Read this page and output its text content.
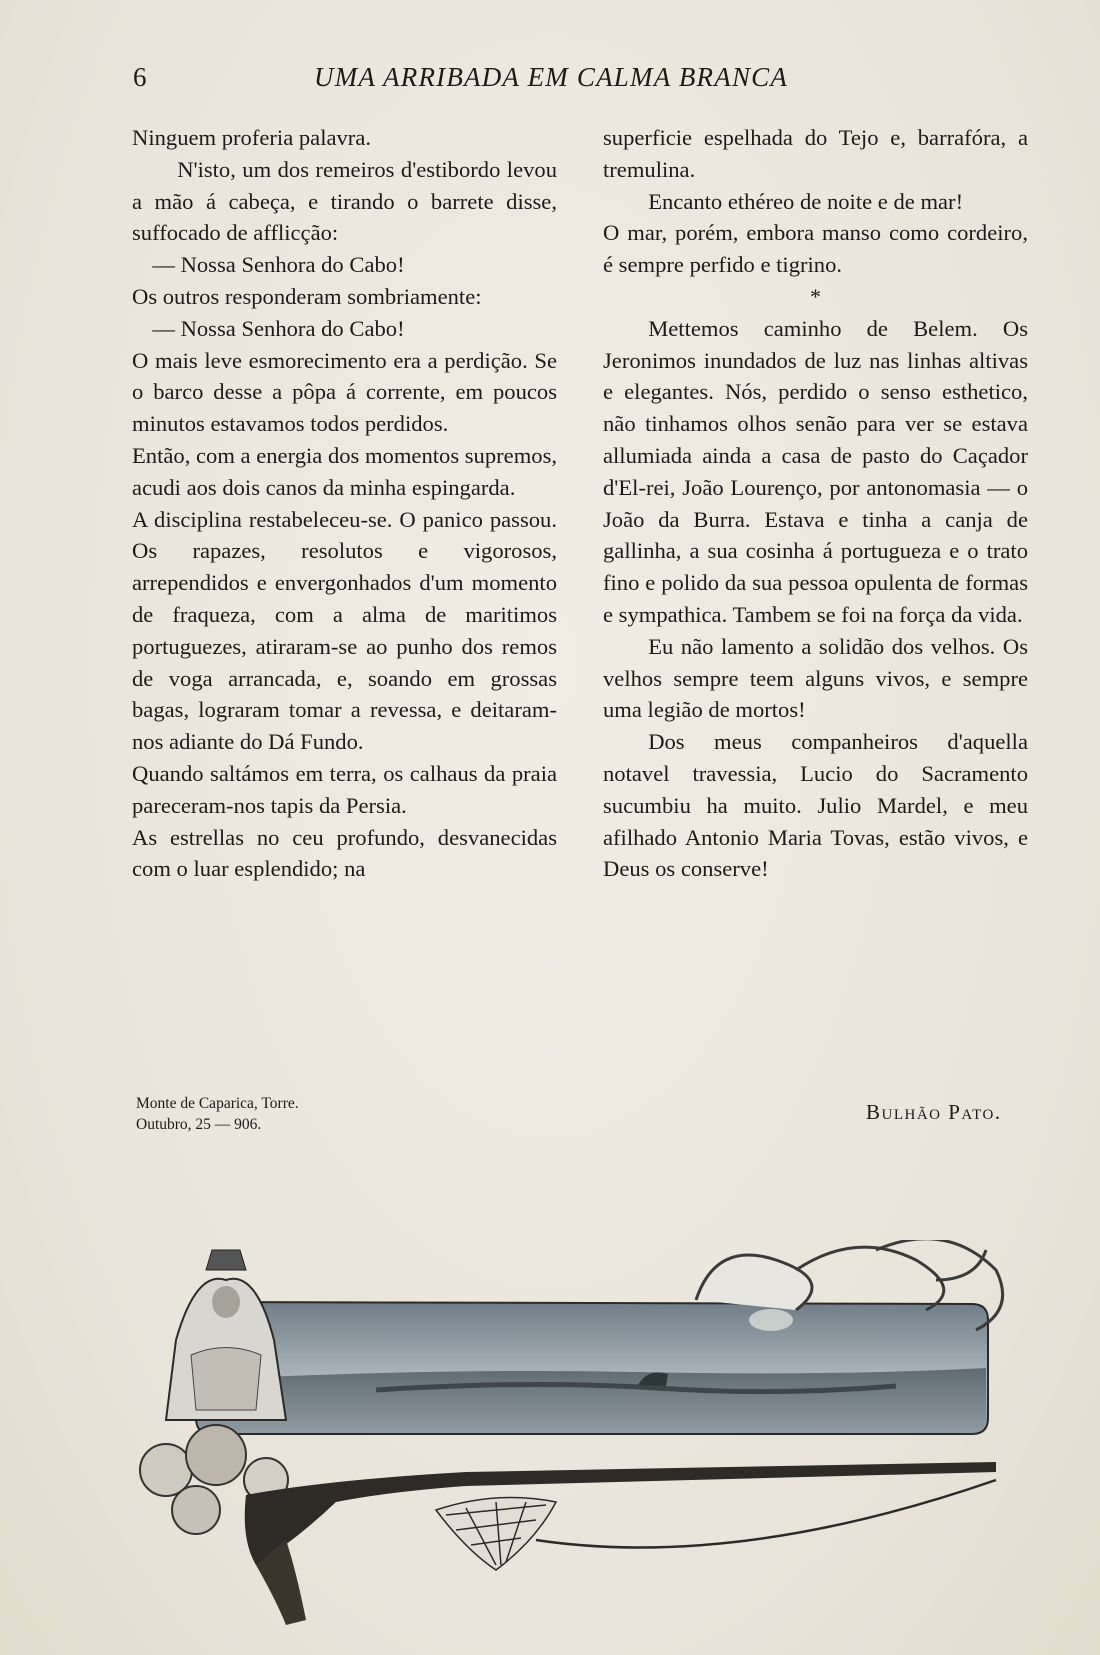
6	UMA ARRIBADA EM CALMA BRANCA

Ninguem proferia palavra.

N'isto, um dos remeiros d'estibordo levou a mão á cabeça, e tirando o barrete disse, suffocado de afflicção:

— Nossa Senhora do Cabo!

Os outros responderam sombriamente:

— Nossa Senhora do Cabo!

O mais leve esmorecimento era a perdição. Se o barco desse a pôpa á corrente, em poucos minutos estavamos todos perdidos.

Então, com a energia dos momentos supremos, acudi aos dois canos da minha espingarda.

A disciplina restabeleceu-se. O panico passou. Os rapazes, resolutos e vigorosos, arrependidos e envergonhados d'um momento de fraqueza, com a alma de maritimos portuguezes, atiraram-se ao punho dos remos de voga arrancada, e, soando em grossas bagas, lograram tomar a revessa, e deitaram-nos adiante do Dá Fundo.

Quando saltámos em terra, os calhaus da praia pareceram-nos tapis da Persia.

As estrellas no ceu profundo, desvanecidas com o luar esplendido; na

superficie espelhada do Tejo e, barrafóra, a tremulina.

Encanto ethéreo de noite e de mar!

O mar, porém, embora manso como cordeiro, é sempre perfido e tigrino.

*

Mettemos caminho de Belem. Os Jeronimos inundados de luz nas linhas altivas e elegantes. Nós, perdido o senso esthetico, não tinhamos olhos senão para ver se estava allumiada ainda a casa de pasto do Caçador d'El-rei, João Lourenço, por antonomasia — o João da Burra. Estava e tinha a canja de gallinha, a sua cosinha á portugueza e o trato fino e polido da sua pessoa opulenta de formas e sympathica. Tambem se foi na força da vida.

Eu não lamento a solidão dos velhos. Os velhos sempre teem alguns vivos, e sempre uma legião de mortos!

Dos meus companheiros d'aquella notavel travessia, Lucio do Sacramento sucumbiu ha muito. Julio Mardel, e meu afilhado Antonio Maria Tovas, estão vivos, e Deus os conserve!

Monte de Caparica, Torre.
Outubro, 25 — 906.
Bulhão Pato.
